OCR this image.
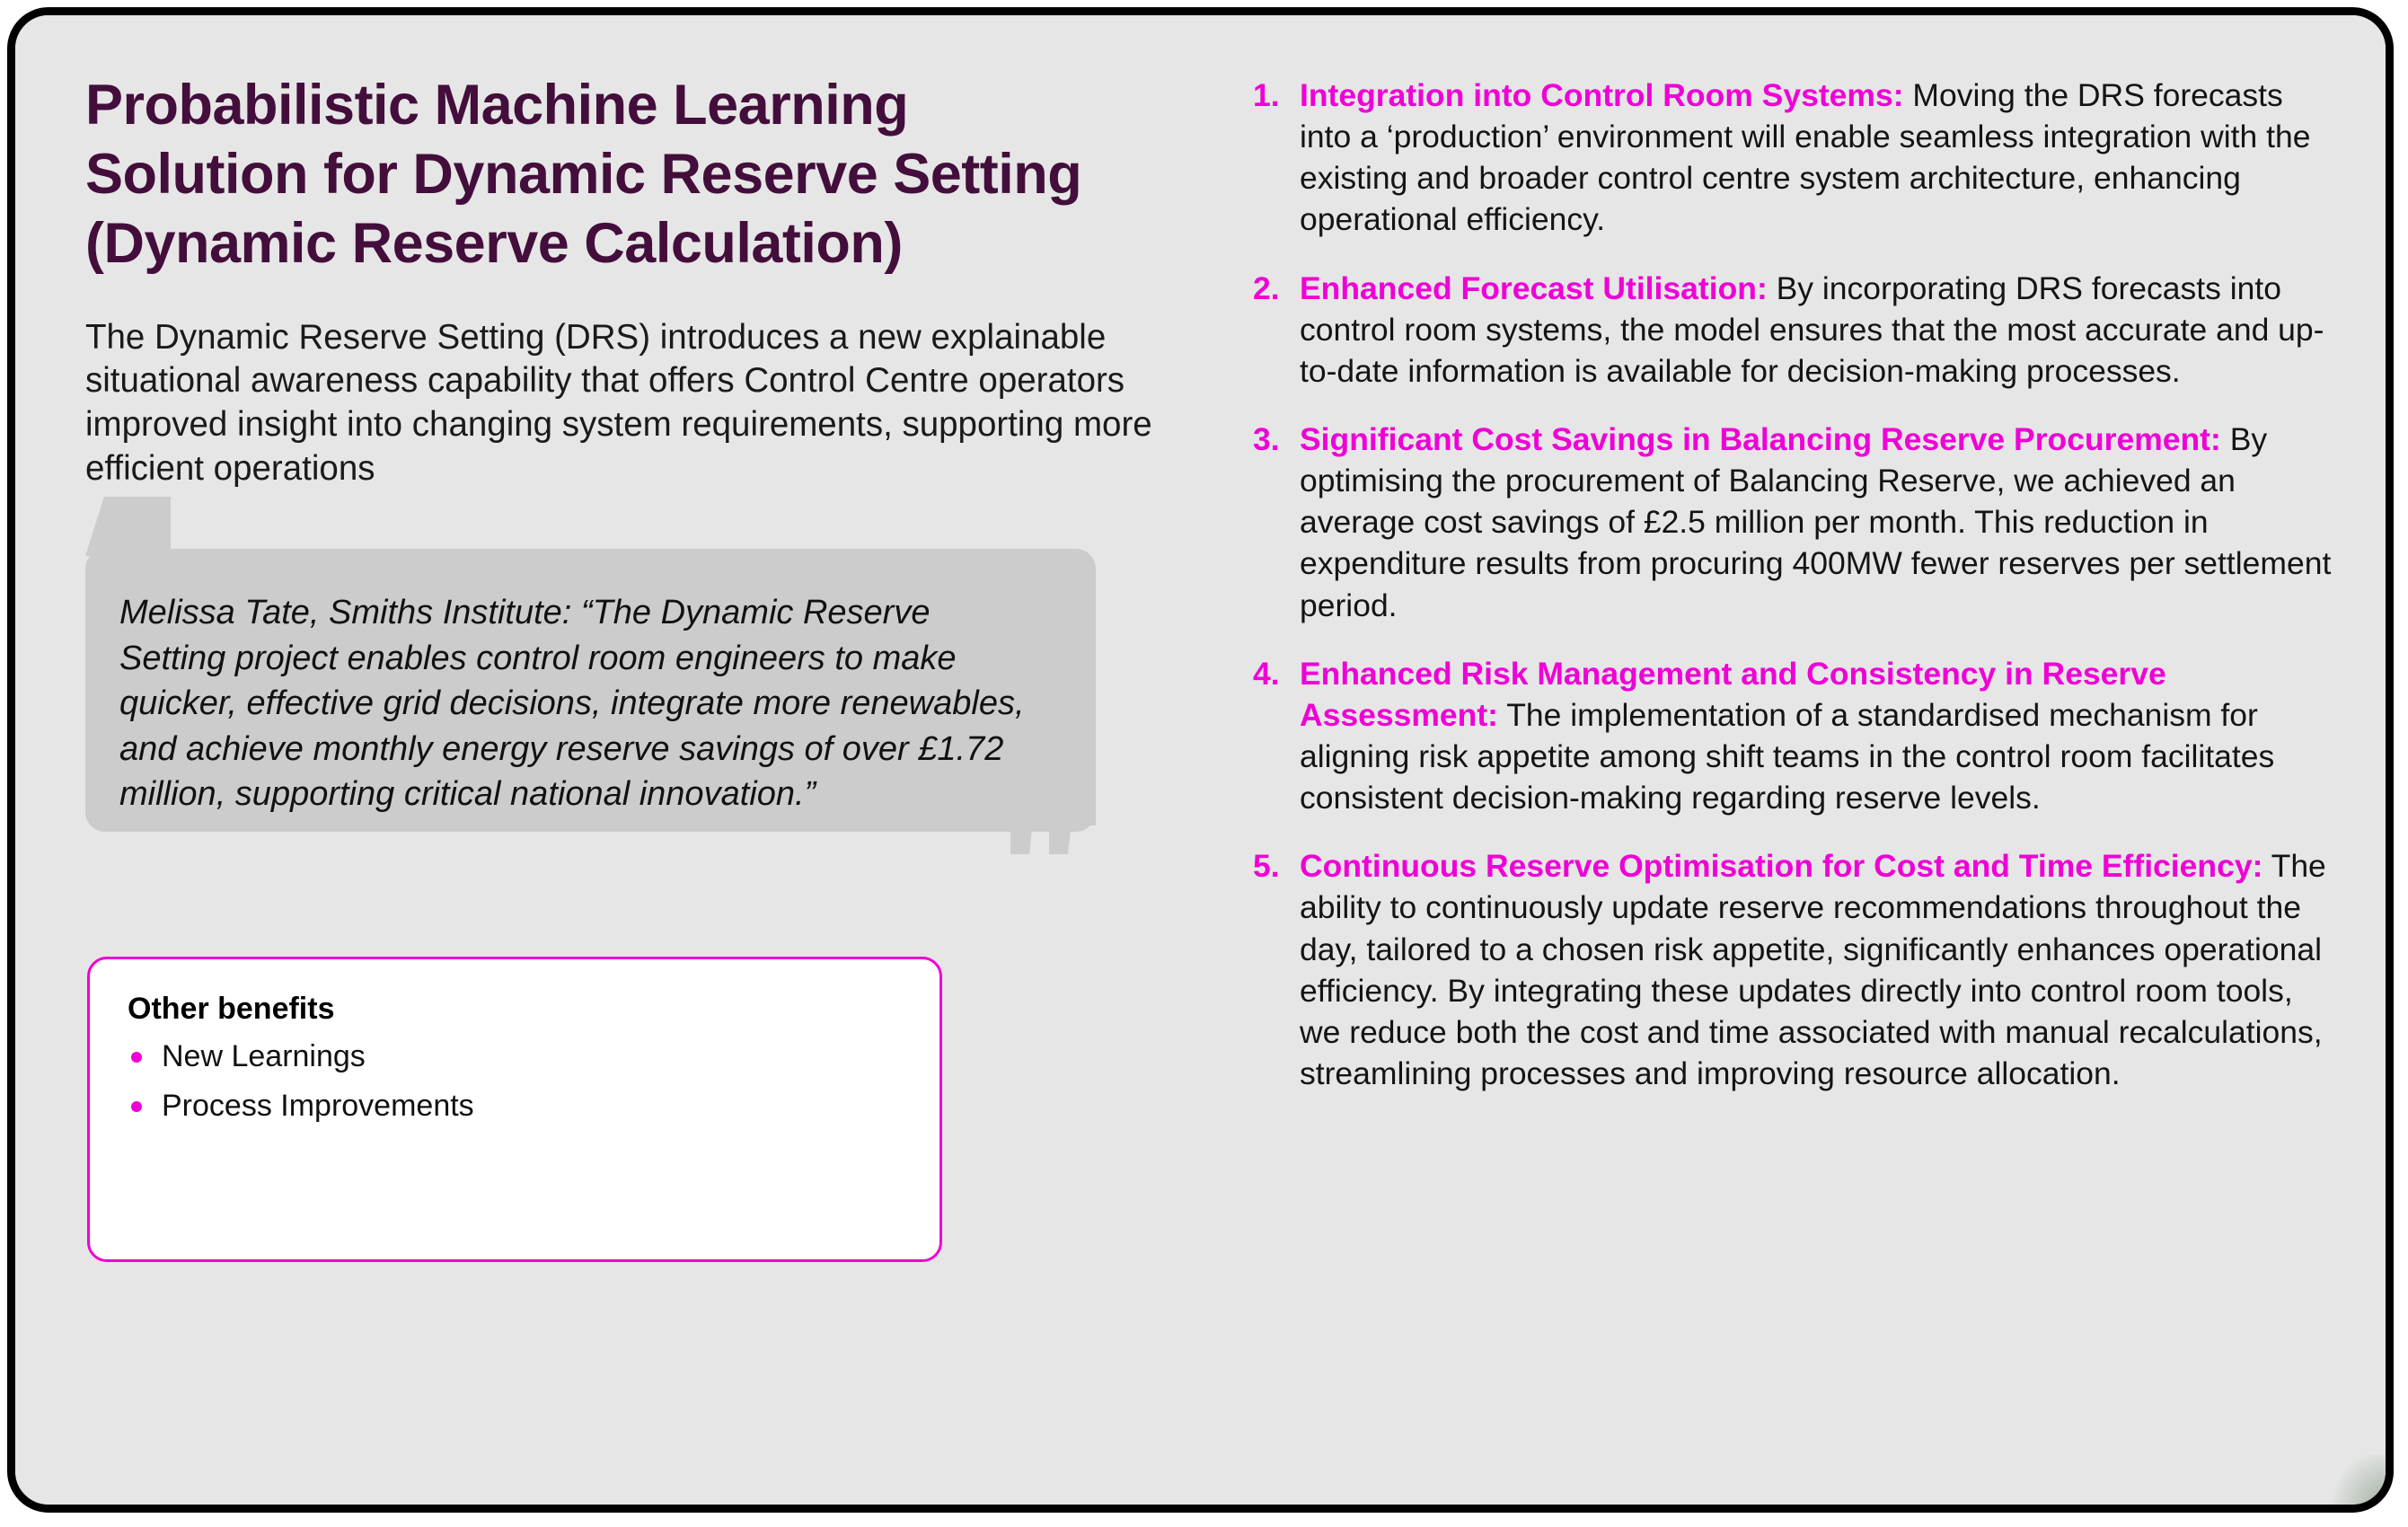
Probabilistic Machine Learning Solution for Dynamic Reserve Setting (Dynamic Reserve Calculation)

The Dynamic Reserve Setting (DRS) introduces a new explainable situational awareness capability that offers Control Centre operators improved insight into changing system requirements, supporting more efficient operations

Melissa Tate, Smiths Institute: “The Dynamic Reserve Setting project enables control room engineers to make quicker, effective grid decisions, integrate more renewables, and achieve monthly energy reserve savings of over £1.72 million, supporting critical national innovation.”

Other benefits
New Learnings
Process Improvements
1. Integration into Control Room Systems: Moving the DRS forecasts into a ‘production’ environment will enable seamless integration with the existing and broader control centre system architecture, enhancing operational efficiency.
2. Enhanced Forecast Utilisation: By incorporating DRS forecasts into control room systems, the model ensures that the most accurate and up-to-date information is available for decision-making processes.
3. Significant Cost Savings in Balancing Reserve Procurement: By optimising the procurement of Balancing Reserve, we achieved an average cost savings of £2.5 million per month. This reduction in expenditure results from procuring 400MW fewer reserves per settlement period.
4. Enhanced Risk Management and Consistency in Reserve Assessment: The implementation of a standardised mechanism for aligning risk appetite among shift teams in the control room facilitates consistent decision-making regarding reserve levels.
5. Continuous Reserve Optimisation for Cost and Time Efficiency: The ability to continuously update reserve recommendations throughout the day, tailored to a chosen risk appetite, significantly enhances operational efficiency. By integrating these updates directly into control room tools, we reduce both the cost and time associated with manual recalculations, streamlining processes and improving resource allocation.
